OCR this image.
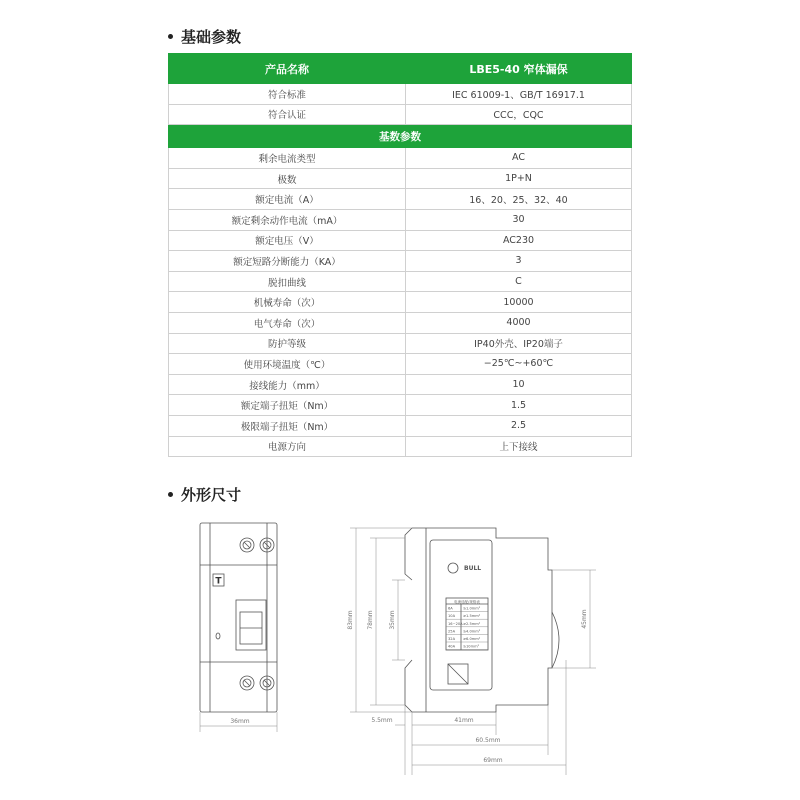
基础参数
产品名称	LBE5-40 窄体漏保
符合标准	IEC 61009-1、GB/T 16917.1
符合认证	CCC，CQC
基数参数	
剩余电流类型	AC
极数	1P+N
额定电流（A）	16、20、25、32、40
额定剩余动作电流（mA）	30
额定电压（V）	AC230
额定短路分断能力（KA）	3
脱扣曲线	C
机械寿命（次）	10000
电气寿命（次）	4000
防护等级	IP40外壳、IP20端子
使用环境温度（℃）	−25℃~+60℃
接线能力（mm）	10
额定端子扭矩（Nm）	1.5
极限端子扭矩（Nm）	2.5
电源方向	上下接线
外形尺寸
T
36mm
BULL
电流选配/规格表
6A	≥1.0mm²
10A ≥1.5mm²
16~20A ≥2.5mm²
25A ≥4.0mm²
32A ≥6.0mm²
40A ≥10mm²
83mm 78mm	35mm	45mm
5.5mm	41mm
60.5mm
69mm
